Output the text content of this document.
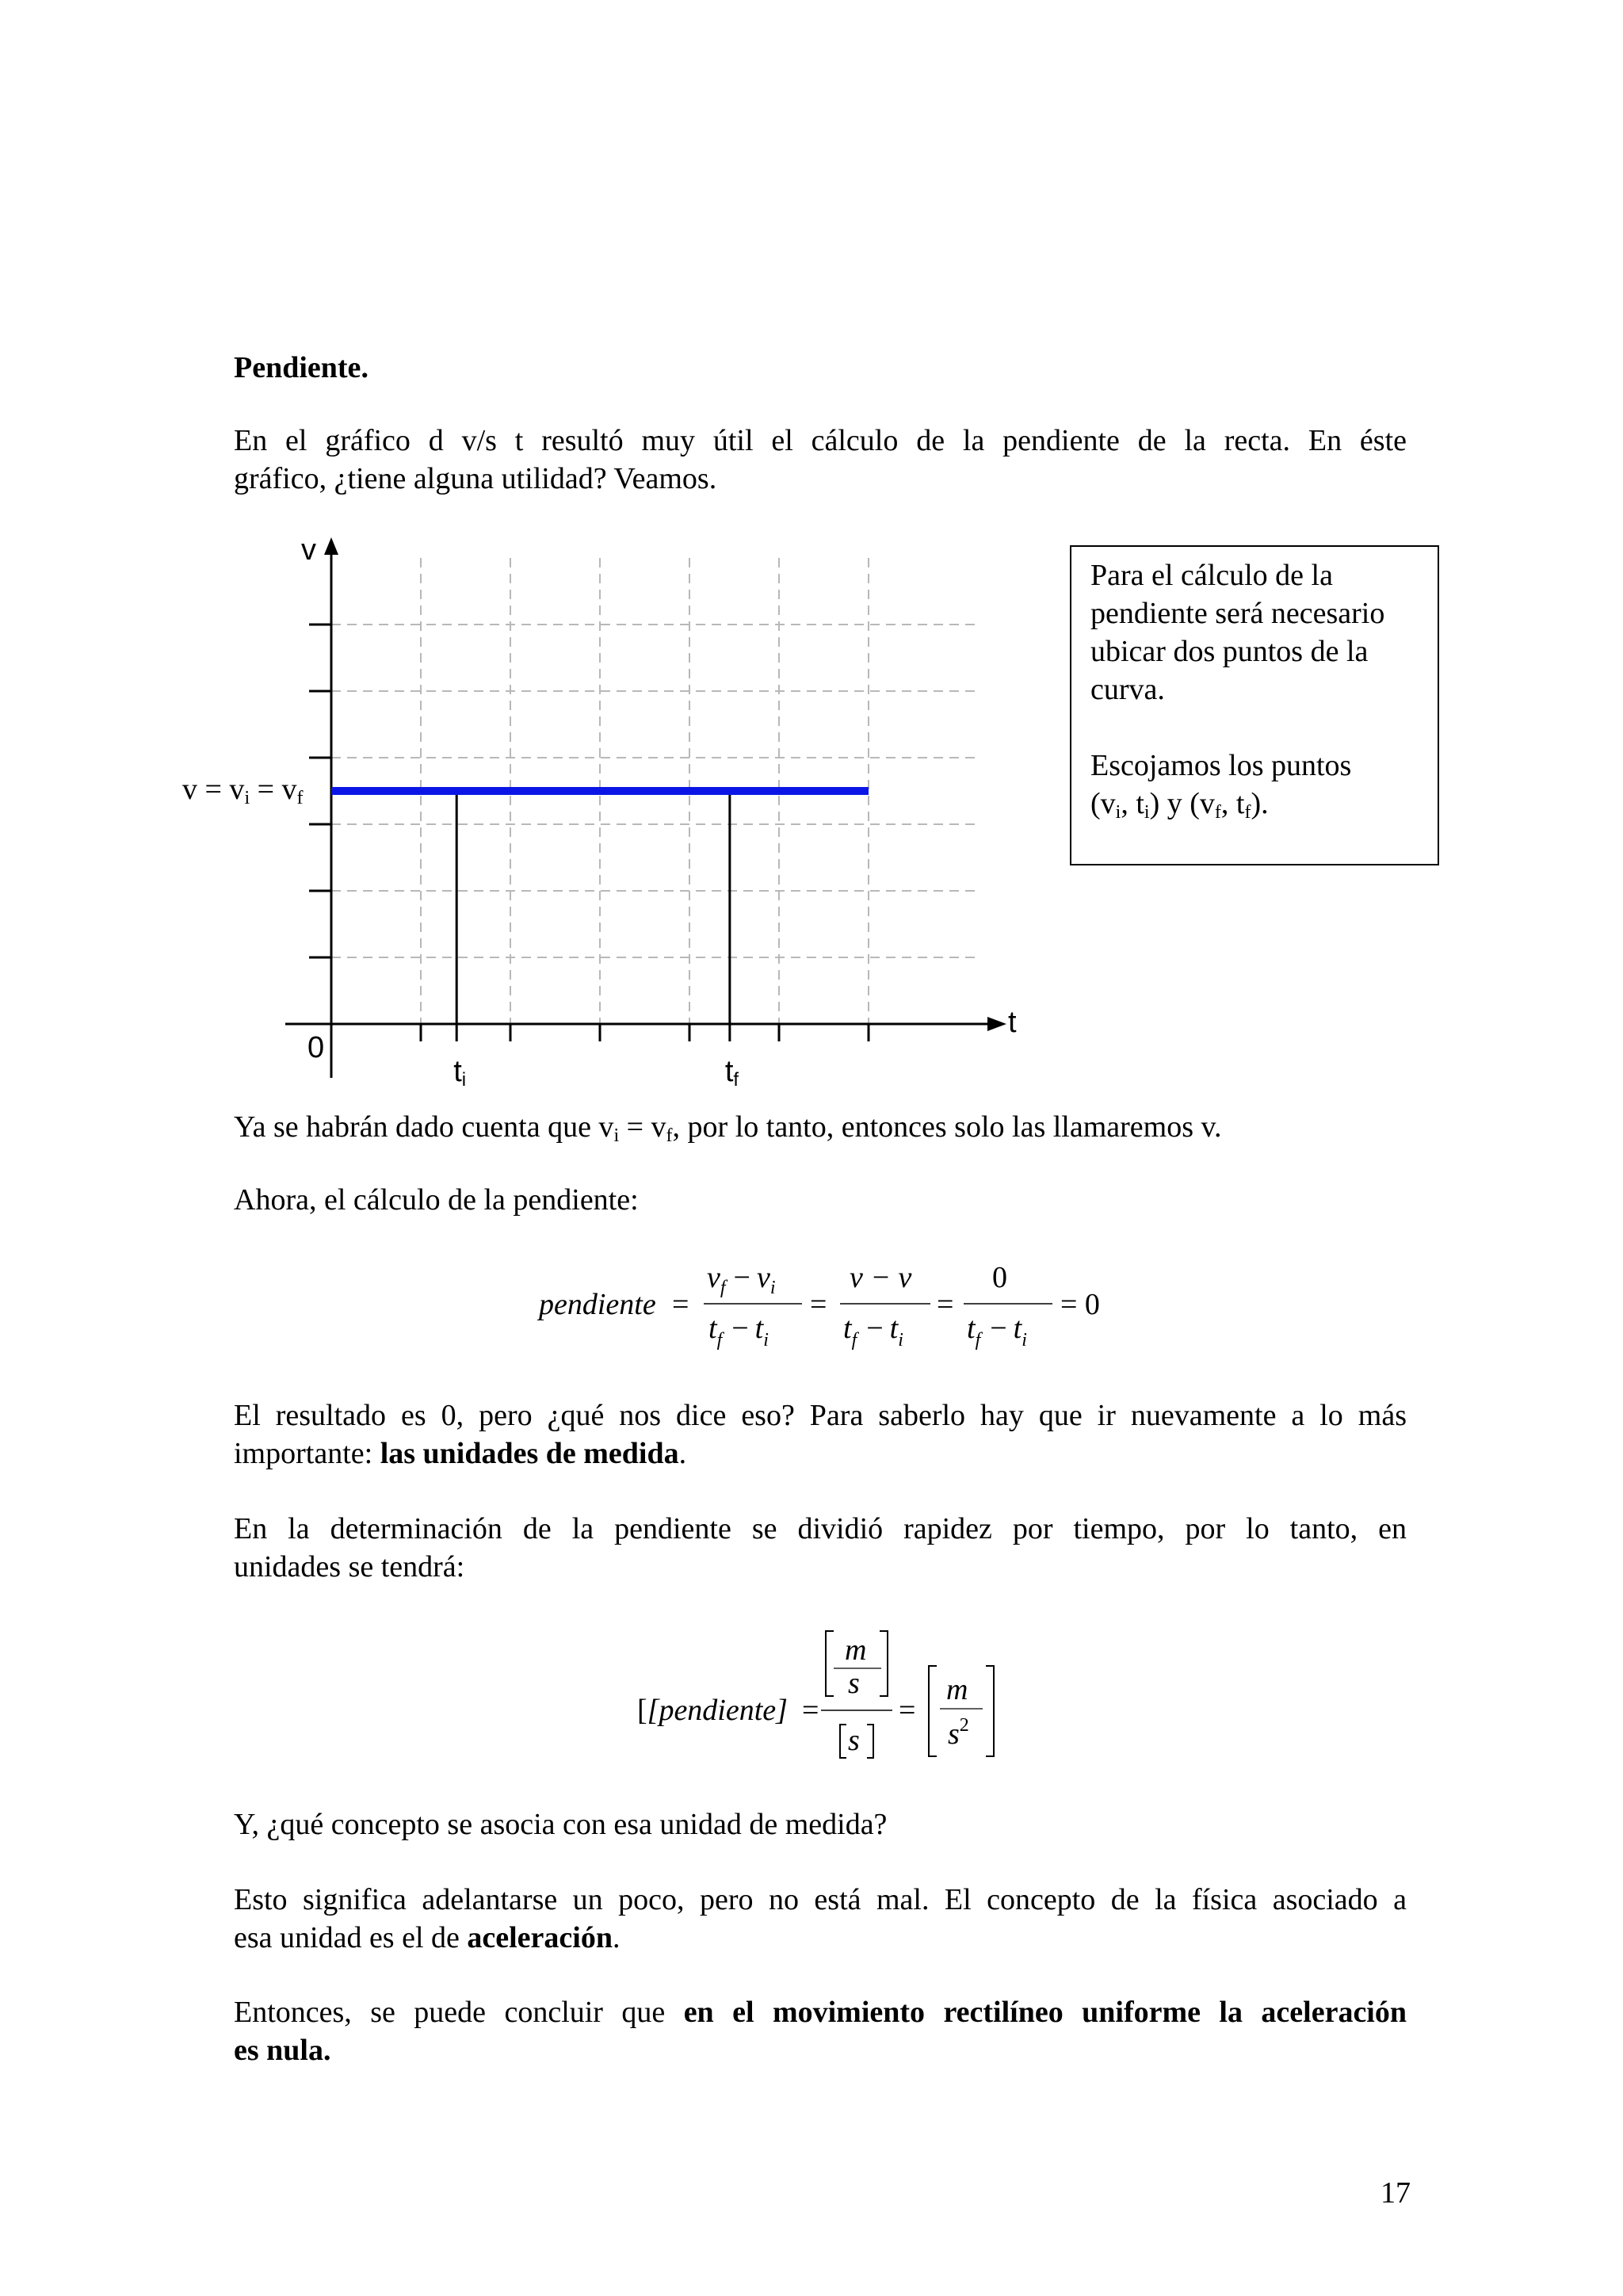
Pendiente.

En el gráfico d v/s t resultó muy útil el cálculo de la pendiente de la recta. En éste

gráfico, ¿tiene alguna utilidad? Veamos.

v
t
0
v = vi = vf
ti	tf
Para el cálculo de la
pendiente será necesario
ubicar dos puntos de la
curva.
Escojamos los puntos
($v_i$, $t_i$) y ($v_f$, $t_f$).

Ya se habrán dado cuenta que $v_i = v_f$, por lo tanto, entonces solo las llamaremos v.

Ahora, el cálculo de la pendiente:

pendiente =
$v_f - v_i$
$t_f - t_i$
=
v − v
$t_f - t_i$
=
0
$t_f - t_i$
= 0

El resultado es 0, pero ¿qué nos dice eso? Para saberlo hay que ir nuevamente a lo más

importante: las unidades de medida.

En la determinación de la pendiente se dividió rapidez por tiempo, por lo tanto, en

unidades se tendrá:

[[pendiente] =
m
s
s
=
m
$s^2$

Y, ¿qué concepto se asocia con esa unidad de medida?

Esto significa adelantarse un poco, pero no está mal. El concepto de la física asociado a

esa unidad es el de aceleración.

Entonces, se puede concluir que en el movimiento rectilíneo uniforme la aceleración

es nula.

17
